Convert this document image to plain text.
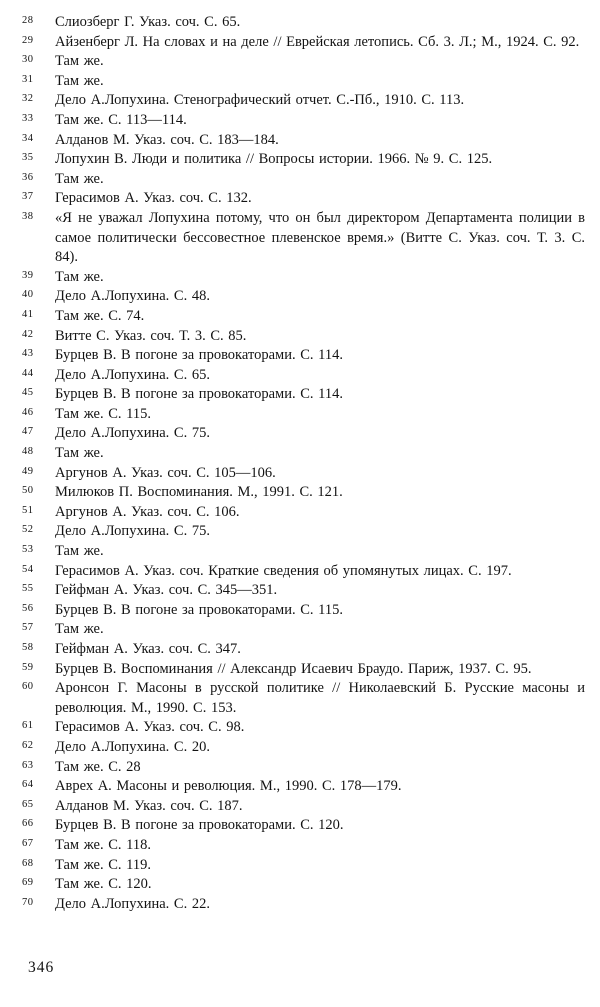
28	Слиозберг Г. Указ. соч. С. 65.
29	Айзенберг Л. На словах и на деле // Еврейская летопись. Сб. 3. Л.; М., 1924. С. 92.
30	Там же.
31	Там же.
32	Дело А.Лопухина. Стенографический отчет. С.-Пб., 1910. С. 113.
33	Там же. С. 113—114.
34	Алданов М. Указ. соч. С. 183—184.
35	Лопухин В. Люди и политика // Вопросы истории. 1966. № 9. С. 125.
36	Там же.
37	Герасимов А. Указ. соч. С. 132.
38	«Я не уважал Лопухина потому, что он был директором Департамента полиции в самое политически бессовестное плевенское время.» (Витте С. Указ. соч. Т. 3. С. 84).
39	Там же.
40	Дело А.Лопухина. С. 48.
41	Там же. С. 74.
42	Витте С. Указ. соч. Т. 3. С. 85.
43	Бурцев В. В погоне за провокаторами. С. 114.
44	Дело А.Лопухина. С. 65.
45	Бурцев В. В погоне за провокаторами. С. 114.
46	Там же. С. 115.
47	Дело А.Лопухина. С. 75.
48	Там же.
49	Аргунов А. Указ. соч. С. 105—106.
50	Милюков П. Воспоминания. М., 1991. С. 121.
51	Аргунов А. Указ. соч. С. 106.
52	Дело А.Лопухина. С. 75.
53	Там же.
54	Герасимов А. Указ. соч. Краткие сведения об упомянутых лицах. С. 197.
55	Гейфман А. Указ. соч. С. 345—351.
56	Бурцев В. В погоне за провокаторами. С. 115.
57	Там же.
58	Гейфман А. Указ. соч. С. 347.
59	Бурцев В. Воспоминания // Александр Исаевич Браудо. Париж, 1937. С. 95.
60	Аронсон Г. Масоны в русской политике // Николаевский Б. Русские масоны и революция. М., 1990. С. 153.
61	Герасимов А. Указ. соч. С. 98.
62	Дело А.Лопухина. С. 20.
63	Там же. С. 28
64	Аврех А. Масоны и революция. М., 1990. С. 178—179.
65	Алданов М. Указ. соч. С. 187.
66	Бурцев В. В погоне за провокаторами. С. 120.
67	Там же. С. 118.
68	Там же. С. 119.
69	Там же. С. 120.
70	Дело А.Лопухина. С. 22.
346
